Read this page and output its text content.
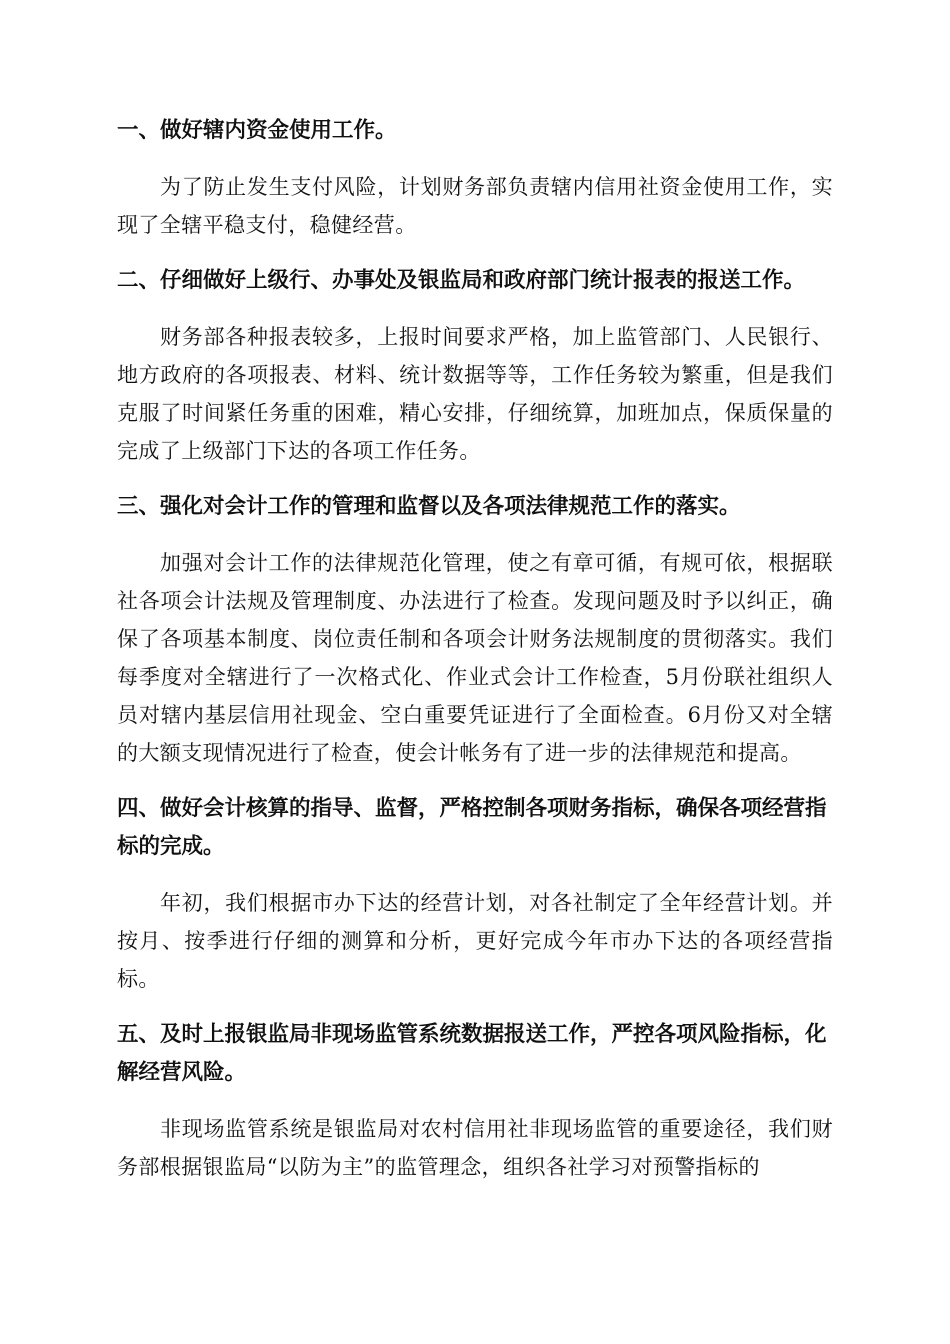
一、做好辖内资金使用工作。

为了防止发生支付风险，计划财务部负责辖内信用社资金使用工作，实现了全辖平稳支付，稳健经营。

二、仔细做好上级行、办事处及银监局和政府部门统计报表的报送工作。

财务部各种报表较多，上报时间要求严格，加上监管部门、人民银行、地方政府的各项报表、材料、统计数据等等，工作任务较为繁重，但是我们克服了时间紧任务重的困难，精心安排，仔细统算，加班加点，保质保量的完成了上级部门下达的各项工作任务。

三、强化对会计工作的管理和监督以及各项法律规范工作的落实。

加强对会计工作的法律规范化管理，使之有章可循，有规可依，根据联社各项会计法规及管理制度、办法进行了检查。发现问题及时予以纠正，确保了各项基本制度、岗位责任制和各项会计财务法规制度的贯彻落实。我们每季度对全辖进行了一次格式化、作业式会计工作检查，5月份联社组织人员对辖内基层信用社现金、空白重要凭证进行了全面检查。6月份又对全辖的大额支现情况进行了检查，使会计帐务有了进一步的法律规范和提高。

四、做好会计核算的指导、监督，严格控制各项财务指标，确保各项经营指标的完成。

年初，我们根据市办下达的经营计划，对各社制定了全年经营计划。并按月、按季进行仔细的测算和分析，更好完成今年市办下达的各项经营指标。

五、及时上报银监局非现场监管系统数据报送工作，严控各项风险指标，化解经营风险。

非现场监管系统是银监局对农村信用社非现场监管的重要途径，我们财务部根据银监局“以防为主”的监管理念，组织各社学习对预警指标的
